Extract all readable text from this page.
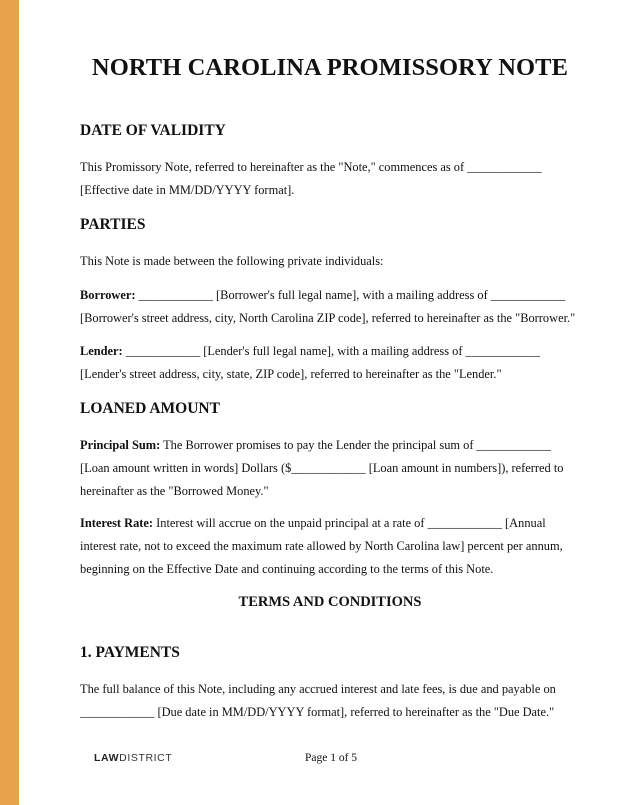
NORTH CAROLINA PROMISSORY NOTE
DATE OF VALIDITY

This Promissory Note, referred to hereinafter as the "Note," commences as of ____________ [Effective date in MM/DD/YYYY format].

PARTIES

This Note is made between the following private individuals:

Borrower: ____________ [Borrower's full legal name], with a mailing address of ____________ [Borrower's street address, city, North Carolina ZIP code], referred to hereinafter as the "Borrower."

Lender: ____________ [Lender's full legal name], with a mailing address of ____________ [Lender's street address, city, state, ZIP code], referred to hereinafter as the "Lender."

LOANED AMOUNT

Principal Sum: The Borrower promises to pay the Lender the principal sum of ____________ [Loan amount written in words] Dollars ($____________ [Loan amount in numbers]), referred to hereinafter as the "Borrowed Money."

Interest Rate: Interest will accrue on the unpaid principal at a rate of ____________ [Annual interest rate, not to exceed the maximum rate allowed by North Carolina law] percent per annum, beginning on the Effective Date and continuing according to the terms of this Note.

TERMS AND CONDITIONS
1. PAYMENTS

The full balance of this Note, including any accrued interest and late fees, is due and payable on ____________ [Due date in MM/DD/YYYY format], referred to hereinafter as the "Due Date."

LAWDISTRICT	Page 1 of 5
